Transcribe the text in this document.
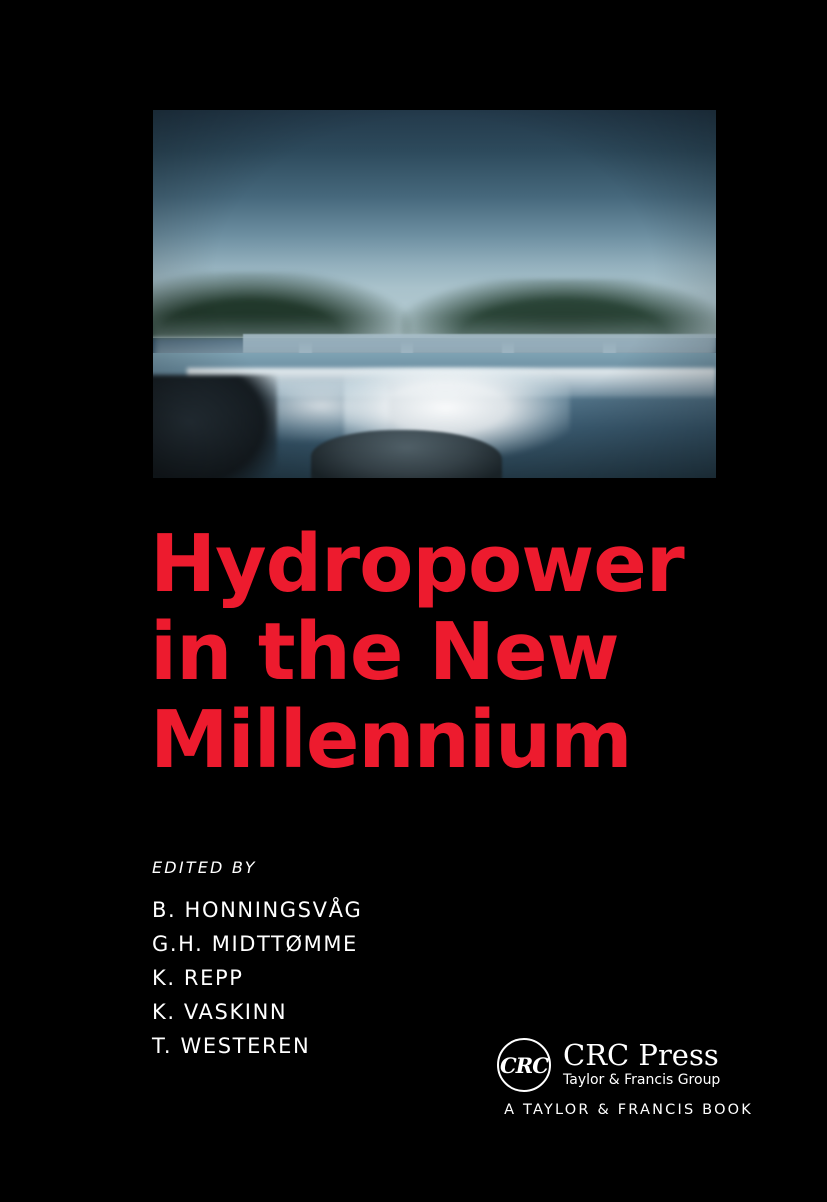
Hydropower
in the New
Millennium
EDITED BY
B. HONNINGSVÅG
G.H. MIDTTØMME
K. REPP
K. VASKINN
T. WESTEREN
CRC CRC Press
Taylor & Francis Group
A TAYLOR & FRANCIS BOOK
